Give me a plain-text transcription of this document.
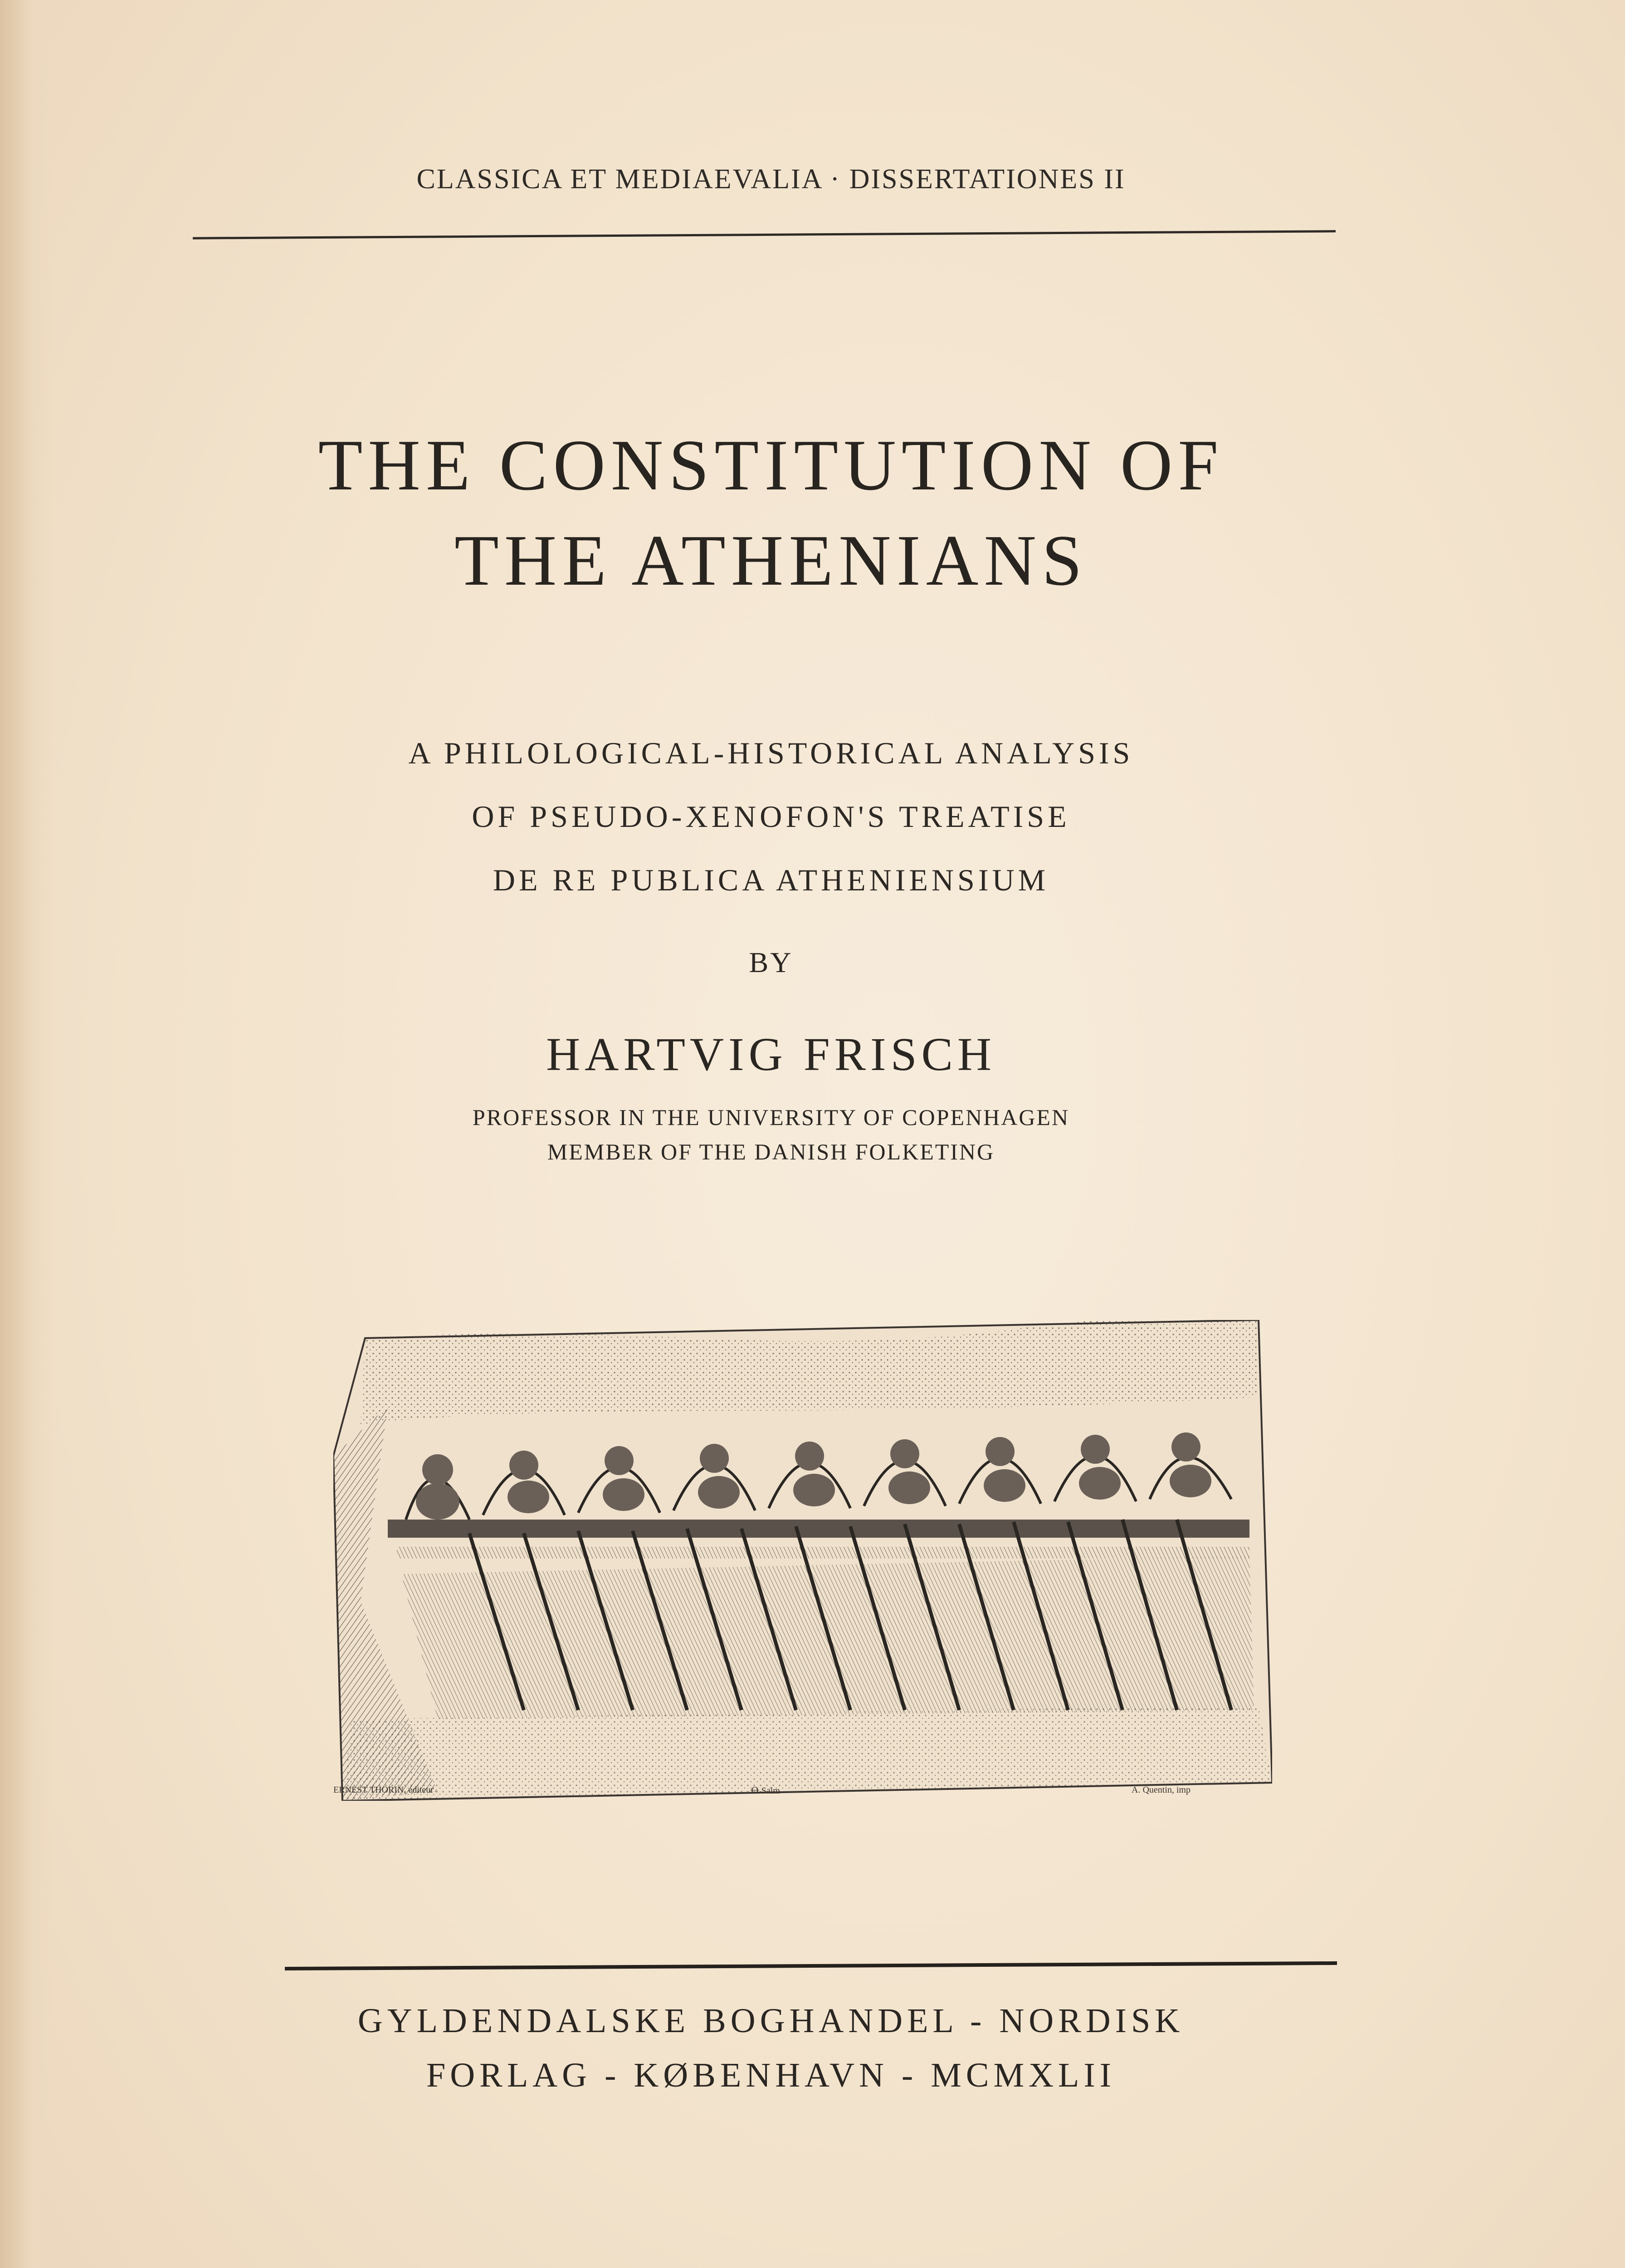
CLASSICA ET MEDIAEVALIA · DISSERTATIONES II
THE CONSTITUTION OF
THE ATHENIANS
A PHILOLOGICAL-HISTORICAL ANALYSIS
OF PSEUDO-XENOFON'S TREATISE
DE RE PUBLICA ATHENIENSIUM
BY
HARTVIG FRISCH
PROFESSOR IN THE UNIVERSITY OF COPENHAGEN
MEMBER OF THE DANISH FOLKETING
ERNEST THORIN, éditeur	Ꝋ Salm	A. Quentin, imp
GYLDENDALSKE BOGHANDEL - NORDISK
FORLAG - KØBENHAVN - MCMXLII
